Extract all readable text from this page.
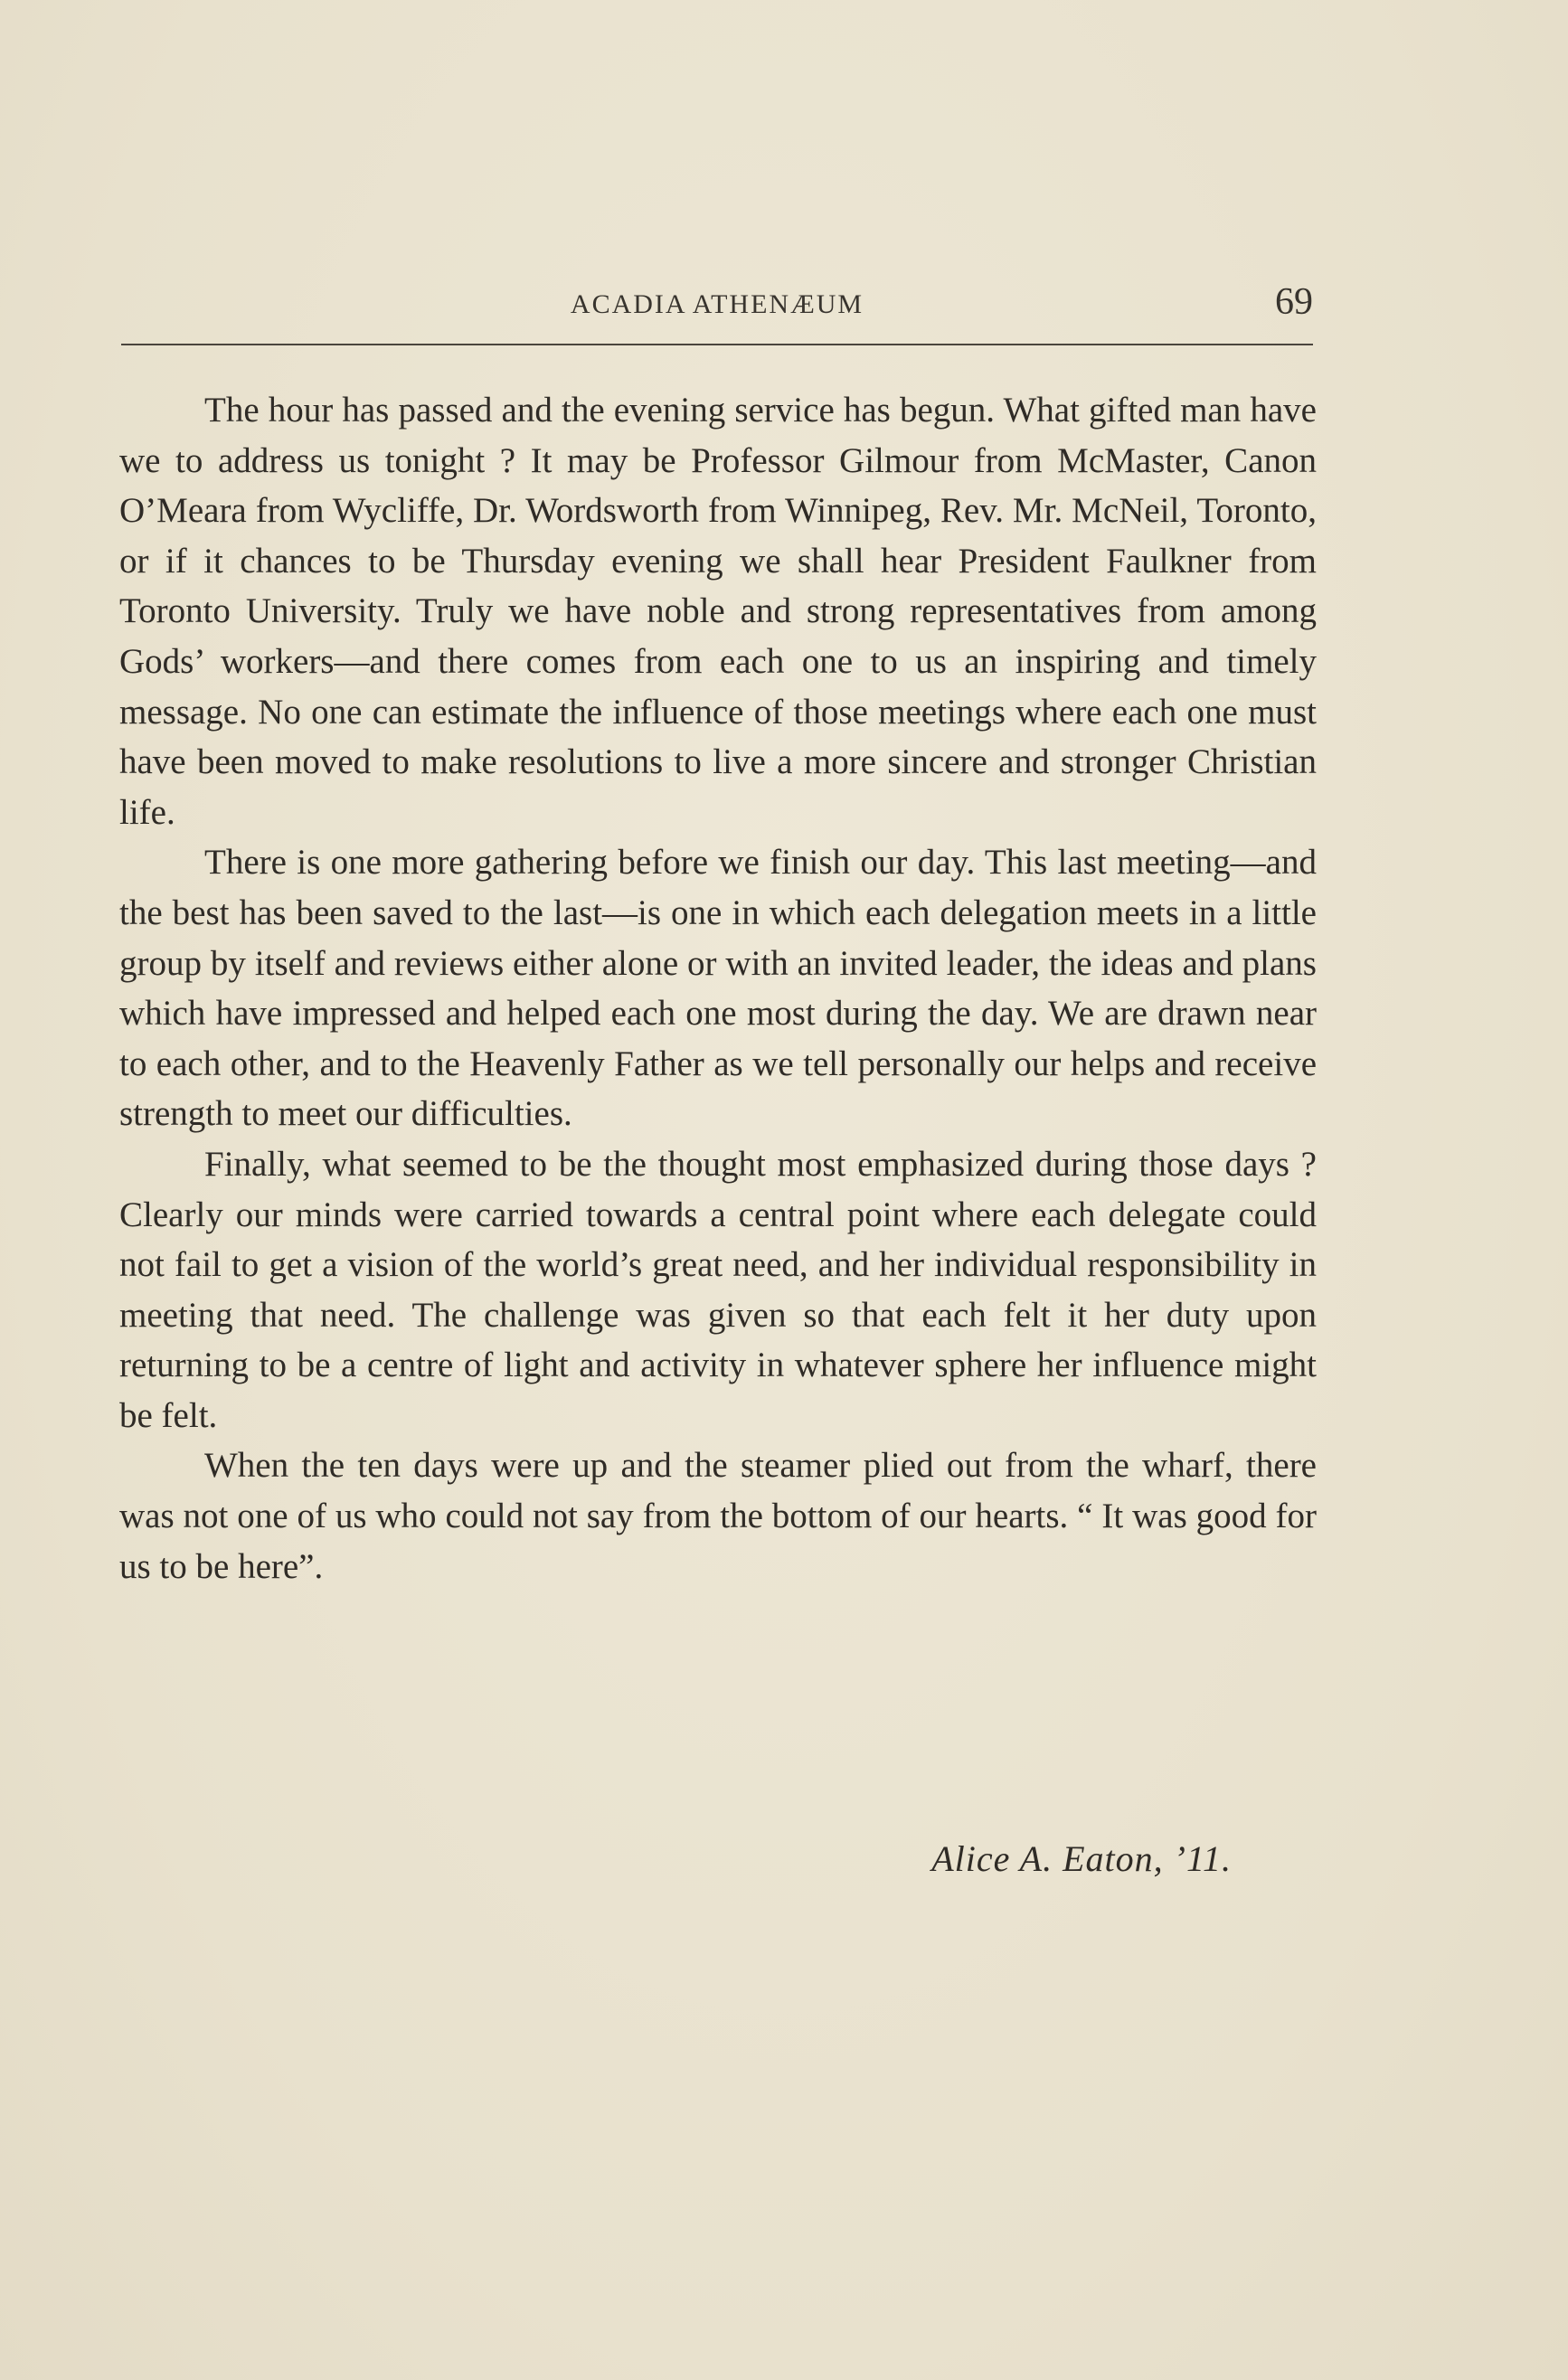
ACADIA ATHENÆUM	69

The hour has passed and the evening service has begun. What gifted man have we to address us tonight ? It may be Professor Gilmour from McMaster, Canon O’Meara from Wycliffe, Dr. Wordsworth from Winnipeg, Rev. Mr. McNeil, Toronto, or if it chances to be Thursday evening we shall hear President Faulkner from Toronto University. Truly we have noble and strong representatives from among Gods’ workers—and there comes from each one to us an inspiring and timely message. No one can estimate the influence of those meetings where each one must have been moved to make resolutions to live a more sincere and stronger Christian life.

There is one more gathering before we finish our day. This last meeting—and the best has been saved to the last—is one in which each delegation meets in a little group by itself and reviews either alone or with an invited leader, the ideas and plans which have impressed and helped each one most during the day. We are drawn near to each other, and to the Heavenly Father as we tell personally our helps and receive strength to meet our difficulties.

Finally, what seemed to be the thought most emphasized during those days ? Clearly our minds were carried towards a central point where each delegate could not fail to get a vision of the world’s great need, and her individual responsibility in meeting that need. The challenge was given so that each felt it her duty upon returning to be a centre of light and activity in whatever sphere her influence might be felt.

When the ten days were up and the steamer plied out from the wharf, there was not one of us who could not say from the bottom of our hearts. “ It was good for us to be here”.

Alice A. Eaton, ’11.
